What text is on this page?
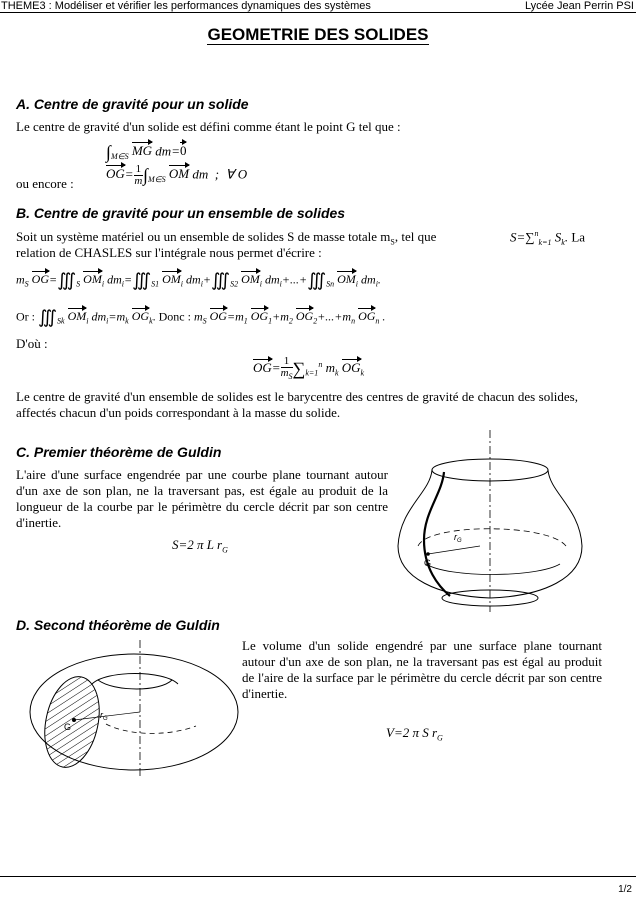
THEME3 : Modéliser et vérifier les performances dynamiques des systèmes	Lycée Jean Perrin PSI
GEOMETRIE DES SOLIDES
A. Centre de gravité pour un solide
Le centre de gravité d'un solide est défini comme étant le point G tel que :
$\int_{M\in S}$ MG dm=0
ou encore :
$OG= \frac{1}{m} \int_{M\in S}$ OM dm  ;  ∀ O
B. Centre de gravité pour un ensemble de solides
Soit un système matériel ou un ensemble de solides S de masse totale $m_S$, tel que	S=∑$^n_{k=1}$ $S_k$. La
relation de CHASLES sur l'intégrale nous permet d'écrire :
$m_S$ $OG=∭_S$ $OM_i$ $dm_i=∭_{S1}$ $OM_i$ $dm_i+∭_{S2}$ $OM_i$ $dm_i+...+∭_{Sn}$ $OM_i$ $dm_i$.
Or : $∭_{Sk}$ $OM_i$ $dm_i=m_k$ $OG_k$. Donc : $m_S$ $OG=m_1$ $OG_1+m_2$ $OG_2+...+m_n$ $OG_n$ .
D'où :
$OG= \frac{1}{m_S} \sum_{k=1}^n$ $m_k$ $OG_k$
Le centre de gravité d'un ensemble de solides est le barycentre des centres de gravité de chacun des solides, affectés chacun d'un poids correspondant à la masse du solide.
C. Premier théorème de Guldin
L'aire d'une surface engendrée par une courbe plane tournant autour d'un axe de son plan, ne la traversant pas, est égale au produit de la longueur de la courbe par le périmètre du cercle décrit par son centre d'inertie.
S=2 π L $r_G$
G
$r_G$
D. Second théorème de Guldin
Le volume d'un solide engendré par une surface plane tournant autour d'un axe de son plan, ne la traversant pas est égal au produit de l'aire de la surface par le périmètre du cercle décrit par son centre d'inertie.
V=2 π S $r_G$
G
$r_G$
1/2
